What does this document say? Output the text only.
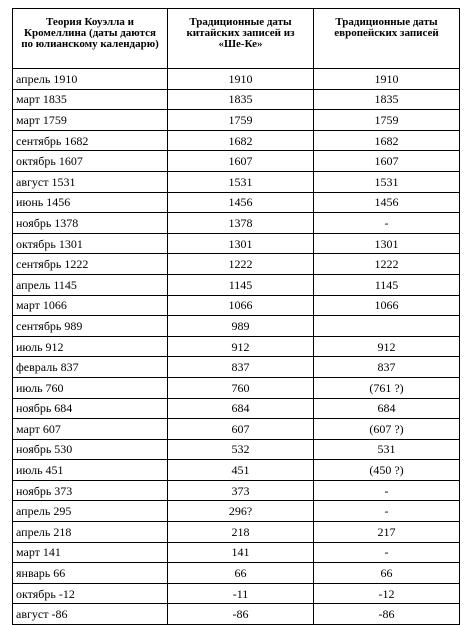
Теория Коуэлла и Кромеллина (даты даются по юлианскому календарю)	Традиционные даты китайских записей из «Ше-Ке»	Традиционные даты европейских записей
апрель 1910	1910	1910
март 1835	1835	1835
март 1759	1759	1759
сентябрь 1682	1682	1682
октябрь 1607	1607	1607
август 1531	1531	1531
июнь 1456	1456	1456
ноябрь 1378	1378	-
октябрь 1301	1301	1301
сентябрь 1222	1222	1222
апрель 1145	1145	1145
март 1066	1066	1066
сентябрь 989	989	
июль 912	912	912
февраль 837	837	837
июль 760	760	(761 ?)
ноябрь 684	684	684
март 607	607	(607 ?)
ноябрь 530	532	531
июль 451	451	(450 ?)
ноябрь 373	373	-
апрель 295	296?	-
апрель 218	218	217
март 141	141	-
январь 66	66	66
октябрь -12	-11	-12
август -86	-86	-86
